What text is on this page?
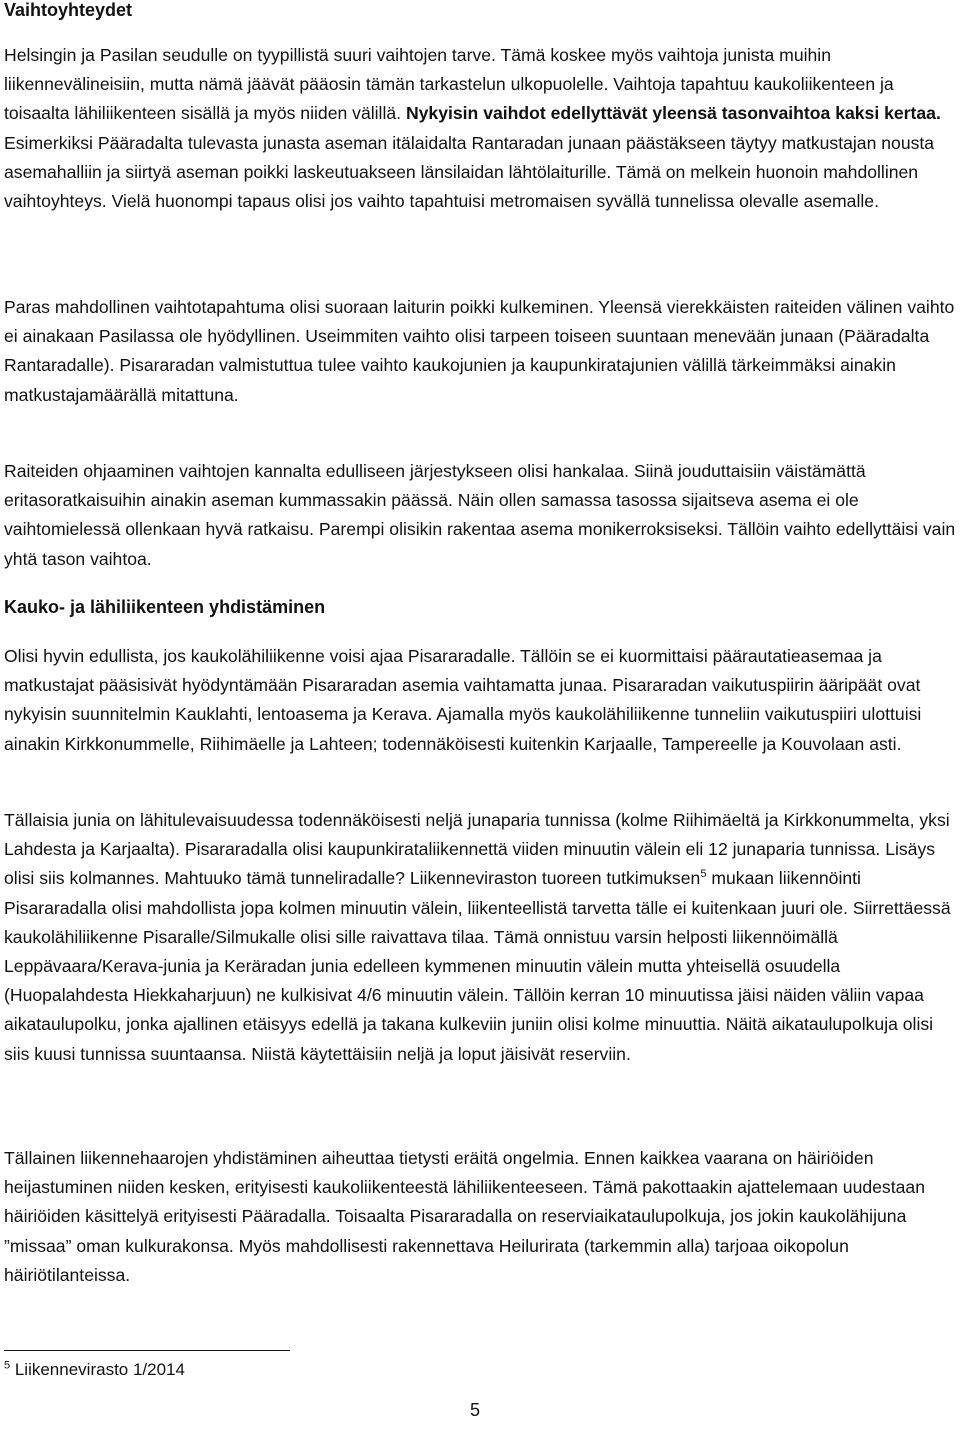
Vaihtoyhteydet

Helsingin ja Pasilan seudulle on tyypillistä suuri vaihtojen tarve. Tämä koskee myös vaihtoja junista muihin liikennevälineisiin, mutta nämä jäävät pääosin tämän tarkastelun ulkopuolelle. Vaihtoja tapahtuu kaukoliikenteen ja toisaalta lähiliikenteen sisällä ja myös niiden välillä. Nykyisin vaihdot edellyttävät yleensä tasonvaihtoa kaksi kertaa. Esimerkiksi Pääradalta tulevasta junasta aseman itälaidalta Rantaradan junaan päästäkseen täytyy matkustajan nousta asemahalliin ja siirtyä aseman poikki laskeutuakseen länsilaidan lähtölaiturille. Tämä on melkein huonoin mahdollinen vaihtoyhteys. Vielä huonompi tapaus olisi jos vaihto tapahtuisi metromaisen syvällä tunnelissa olevalle asemalle.

Paras mahdollinen vaihtotapahtuma olisi suoraan laiturin poikki kulkeminen. Yleensä vierekkäisten raiteiden välinen vaihto ei ainakaan Pasilassa ole hyödyllinen. Useimmiten vaihto olisi tarpeen toiseen suuntaan menevään junaan (Pääradalta Rantaradalle). Pisararadan valmistuttua tulee vaihto kaukojunien ja kaupunkiratajunien välillä tärkeimmäksi ainakin matkustajamäärällä mitattuna.

Raiteiden ohjaaminen vaihtojen kannalta edulliseen järjestykseen olisi hankalaa. Siinä jouduttaisiin väistämättä eritasoratkaisuihin ainakin aseman kummassakin päässä. Näin ollen samassa tasossa sijaitseva asema ei ole vaihtomielessä ollenkaan hyvä ratkaisu. Parempi olisikin rakentaa asema monikerroksiseksi. Tällöin vaihto edellyttäisi vain yhtä tason vaihtoa.

Kauko- ja lähiliikenteen yhdistäminen

Olisi hyvin edullista, jos kaukolähiliikenne voisi ajaa Pisararadalle. Tällöin se ei kuormittaisi päärautatieasemaa ja matkustajat pääsisivät hyödyntämään Pisararadan asemia vaihtamatta junaa. Pisararadan vaikutuspiirin ääripäät ovat nykyisin suunnitelmin Kauklahti, lentoasema ja Kerava. Ajamalla myös kaukolähiliikenne tunneliin vaikutuspiiri ulottuisi ainakin Kirkkonummelle, Riihimäelle ja Lahteen; todennäköisesti kuitenkin Karjaalle, Tampereelle ja Kouvolaan asti.

Tällaisia junia on lähitulevaisuudessa todennäköisesti neljä junaparia tunnissa (kolme Riihimäeltä ja Kirkkonummelta, yksi Lahdesta ja Karjaalta). Pisararadalla olisi kaupunkirataliikennettä viiden minuutin välein eli 12 junaparia tunnissa. Lisäys olisi siis kolmannes. Mahtuuko tämä tunneliradalle? Liikenneviraston tuoreen tutkimuksen$^5$ mukaan liikennöinti Pisararadalla olisi mahdollista jopa kolmen minuutin välein, liikenteellistä tarvetta tälle ei kuitenkaan juuri ole. Siirrettäessä kaukolähiliikenne Pisaralle/Silmukalle olisi sille raivattava tilaa. Tämä onnistuu varsin helposti liikennöimällä Leppävaara/Kerava-junia ja Keräradan junia edelleen kymmenen minuutin välein mutta yhteisellä osuudella (Huopalahdesta Hiekkaharjuun) ne kulkisivat 4/6 minuutin välein. Tällöin kerran 10 minuutissa jäisi näiden väliin vapaa aikataulupolku, jonka ajallinen etäisyys edellä ja takana kulkeviin juniin olisi kolme minuuttia. Näitä aikataulupolkuja olisi siis kuusi tunnissa suuntaansa. Niistä käytettäisiin neljä ja loput jäisivät reserviin.

Tällainen liikennehaarojen yhdistäminen aiheuttaa tietysti eräitä ongelmia. Ennen kaikkea vaarana on häiriöiden heijastuminen niiden kesken, erityisesti kaukoliikenteestä lähiliikenteeseen. Tämä pakottaakin ajattelemaan uudestaan häiriöiden käsittelyä erityisesti Pääradalla. Toisaalta Pisararadalla on reserviaikataulupolkuja, jos jokin kaukolähijuna ”missaa” oman kulkurakonsa. Myös mahdollisesti rakennettava Heilurirata (tarkemmin alla) tarjoaa oikopolun häiriötilanteissa.

$^5$ Liikennevirasto 1/2014
5
